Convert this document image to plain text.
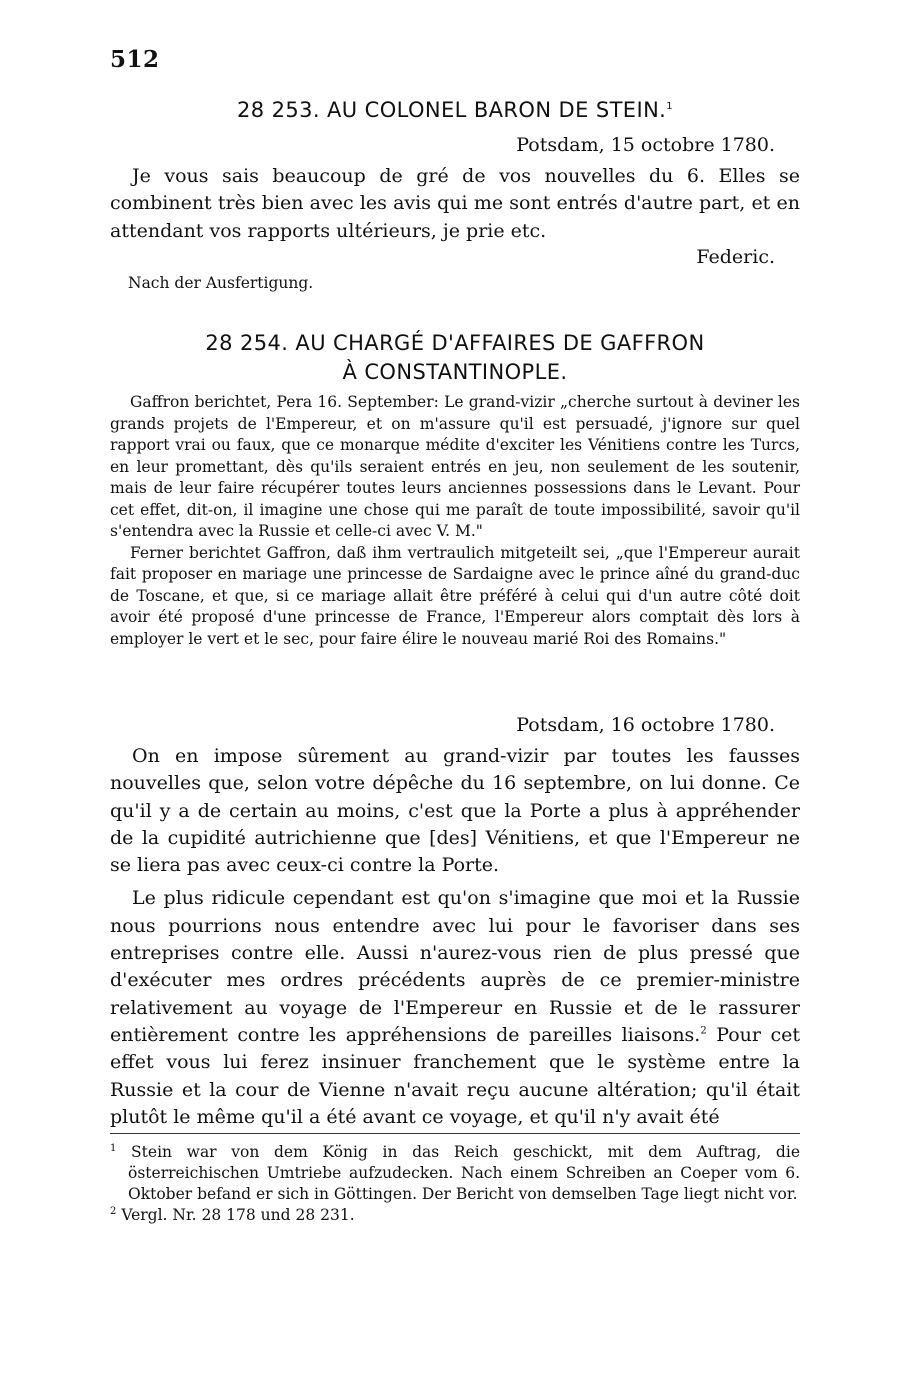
512
28 253. AU COLONEL BARON DE STEIN.$^1$
Potsdam, 15 octobre 1780.

Je vous sais beaucoup de gré de vos nouvelles du 6. Elles se combinent très bien avec les avis qui me sont entrés d'autre part, et en attendant vos rapports ultérieurs, je prie etc.

Federic.
Nach der Ausfertigung.
28 254. AU CHARGÉ D'AFFAIRES DE GAFFRON
À CONSTANTINOPLE.

Gaffron berichtet, Pera 16. September: Le grand-vizir „cherche surtout à deviner les grands projets de l'Empereur, et on m'assure qu'il est persuadé, j'ignore sur quel rapport vrai ou faux, que ce monarque médite d'exciter les Vénitiens contre les Turcs, en leur promettant, dès qu'ils seraient entrés en jeu, non seulement de les soutenir, mais de leur faire récupérer toutes leurs anciennes possessions dans le Levant. Pour cet effet, dit-on, il imagine une chose qui me paraît de toute impossibilité, savoir qu'il s'entendra avec la Russie et celle-ci avec V. M."

Ferner berichtet Gaffron, daß ihm vertraulich mitgeteilt sei, „que l'Empereur aurait fait proposer en mariage une princesse de Sardaigne avec le prince aîné du grand-duc de Toscane, et que, si ce mariage allait être préféré à celui qui d'un autre côté doit avoir été proposé d'une princesse de France, l'Empereur alors comptait dès lors à employer le vert et le sec, pour faire élire le nouveau marié Roi des Romains."

Potsdam, 16 octobre 1780.

On en impose sûrement au grand-vizir par toutes les fausses nouvelles que, selon votre dépêche du 16 septembre, on lui donne. Ce qu'il y a de certain au moins, c'est que la Porte a plus à appréhender de la cupidité autrichienne que [des] Vénitiens, et que l'Empereur ne se liera pas avec ceux-ci contre la Porte.

Le plus ridicule cependant est qu'on s'imagine que moi et la Russie nous pourrions nous entendre avec lui pour le favoriser dans ses entreprises contre elle. Aussi n'aurez-vous rien de plus pressé que d'exécuter mes ordres précédents auprès de ce premier-ministre relativement au voyage de l'Empereur en Russie et de le rassurer entièrement contre les appréhensions de pareilles liaisons.$^2$ Pour cet effet vous lui ferez insinuer franchement que le système entre la Russie et la cour de Vienne n'avait reçu aucune altération; qu'il était plutôt le même qu'il a été avant ce voyage, et qu'il n'y avait été

$^1$ Stein war von dem König in das Reich geschickt, mit dem Auftrag, die österreichischen Umtriebe aufzudecken. Nach einem Schreiben an Coeper vom 6. Oktober befand er sich in Göttingen. Der Bericht von demselben Tage liegt nicht vor.

$^2$ Vergl. Nr. 28 178 und 28 231.
